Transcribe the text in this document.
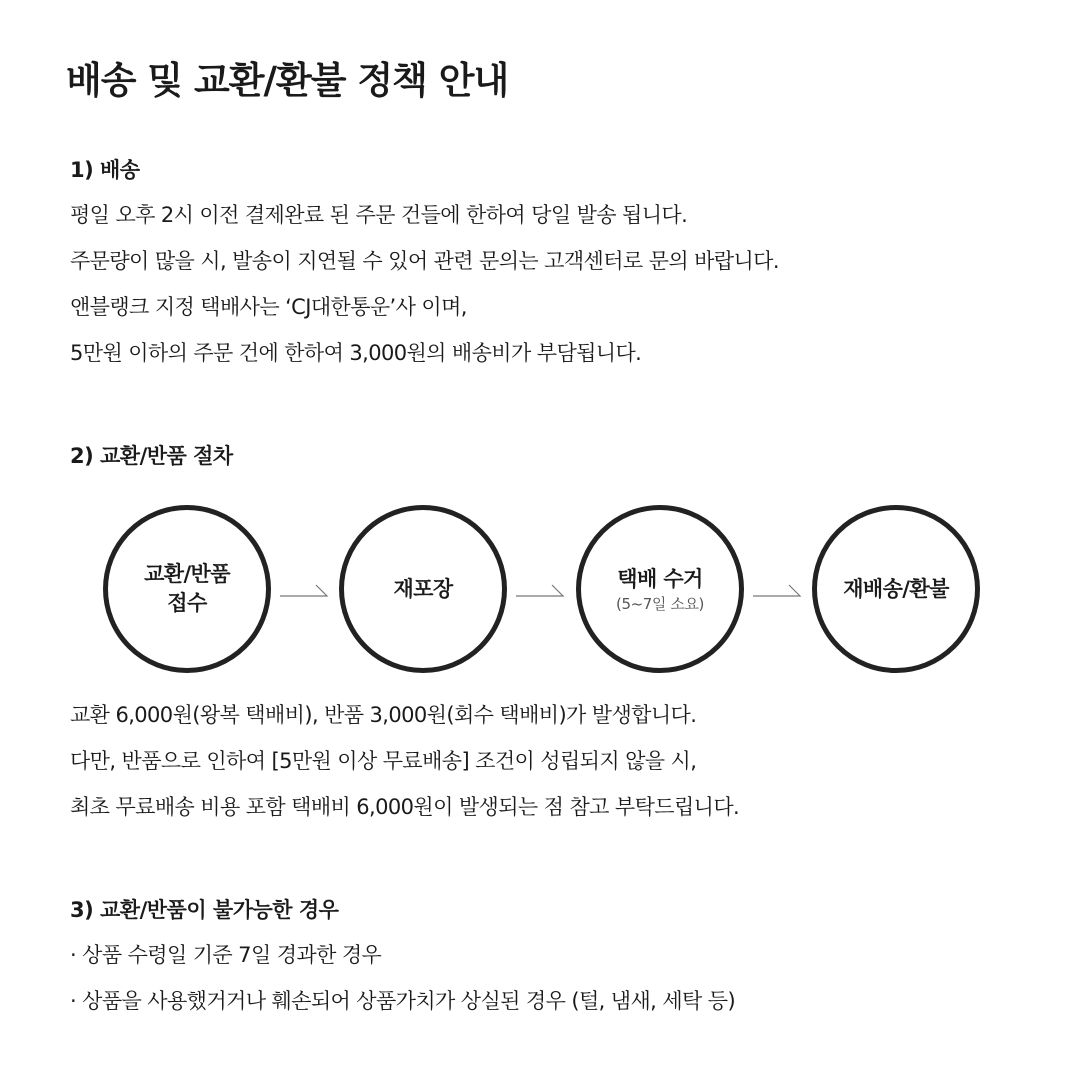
배송 및 교환/환불 정책 안내
1) 배송
평일 오후 2시 이전 결제완료 된 주문 건들에 한하여 당일 발송 됩니다.
주문량이 많을 시, 발송이 지연될 수 있어 관련 문의는 고객센터로 문의 바랍니다.
앤블랭크 지정 택배사는 ‘CJ대한통운’사 이며,
5만원 이하의 주문 건에 한하여 3,000원의 배송비가 부담됩니다.
2) 교환/반품 절차
교환/반품
접수
재포장	택배 수거
(5~7일 소요)
재배송/환불
교환 6,000원(왕복 택배비), 반품 3,000원(회수 택배비)가 발생합니다.
다만, 반품으로 인하여 [5만원 이상 무료배송] 조건이 성립되지 않을 시,
최초 무료배송 비용 포함 택배비 6,000원이 발생되는 점 참고 부탁드립니다.
3) 교환/반품이 불가능한 경우
· 상품 수령일 기준 7일 경과한 경우
· 상품을 사용했거거나 훼손되어 상품가치가 상실된 경우 (털, 냄새, 세탁 등)
